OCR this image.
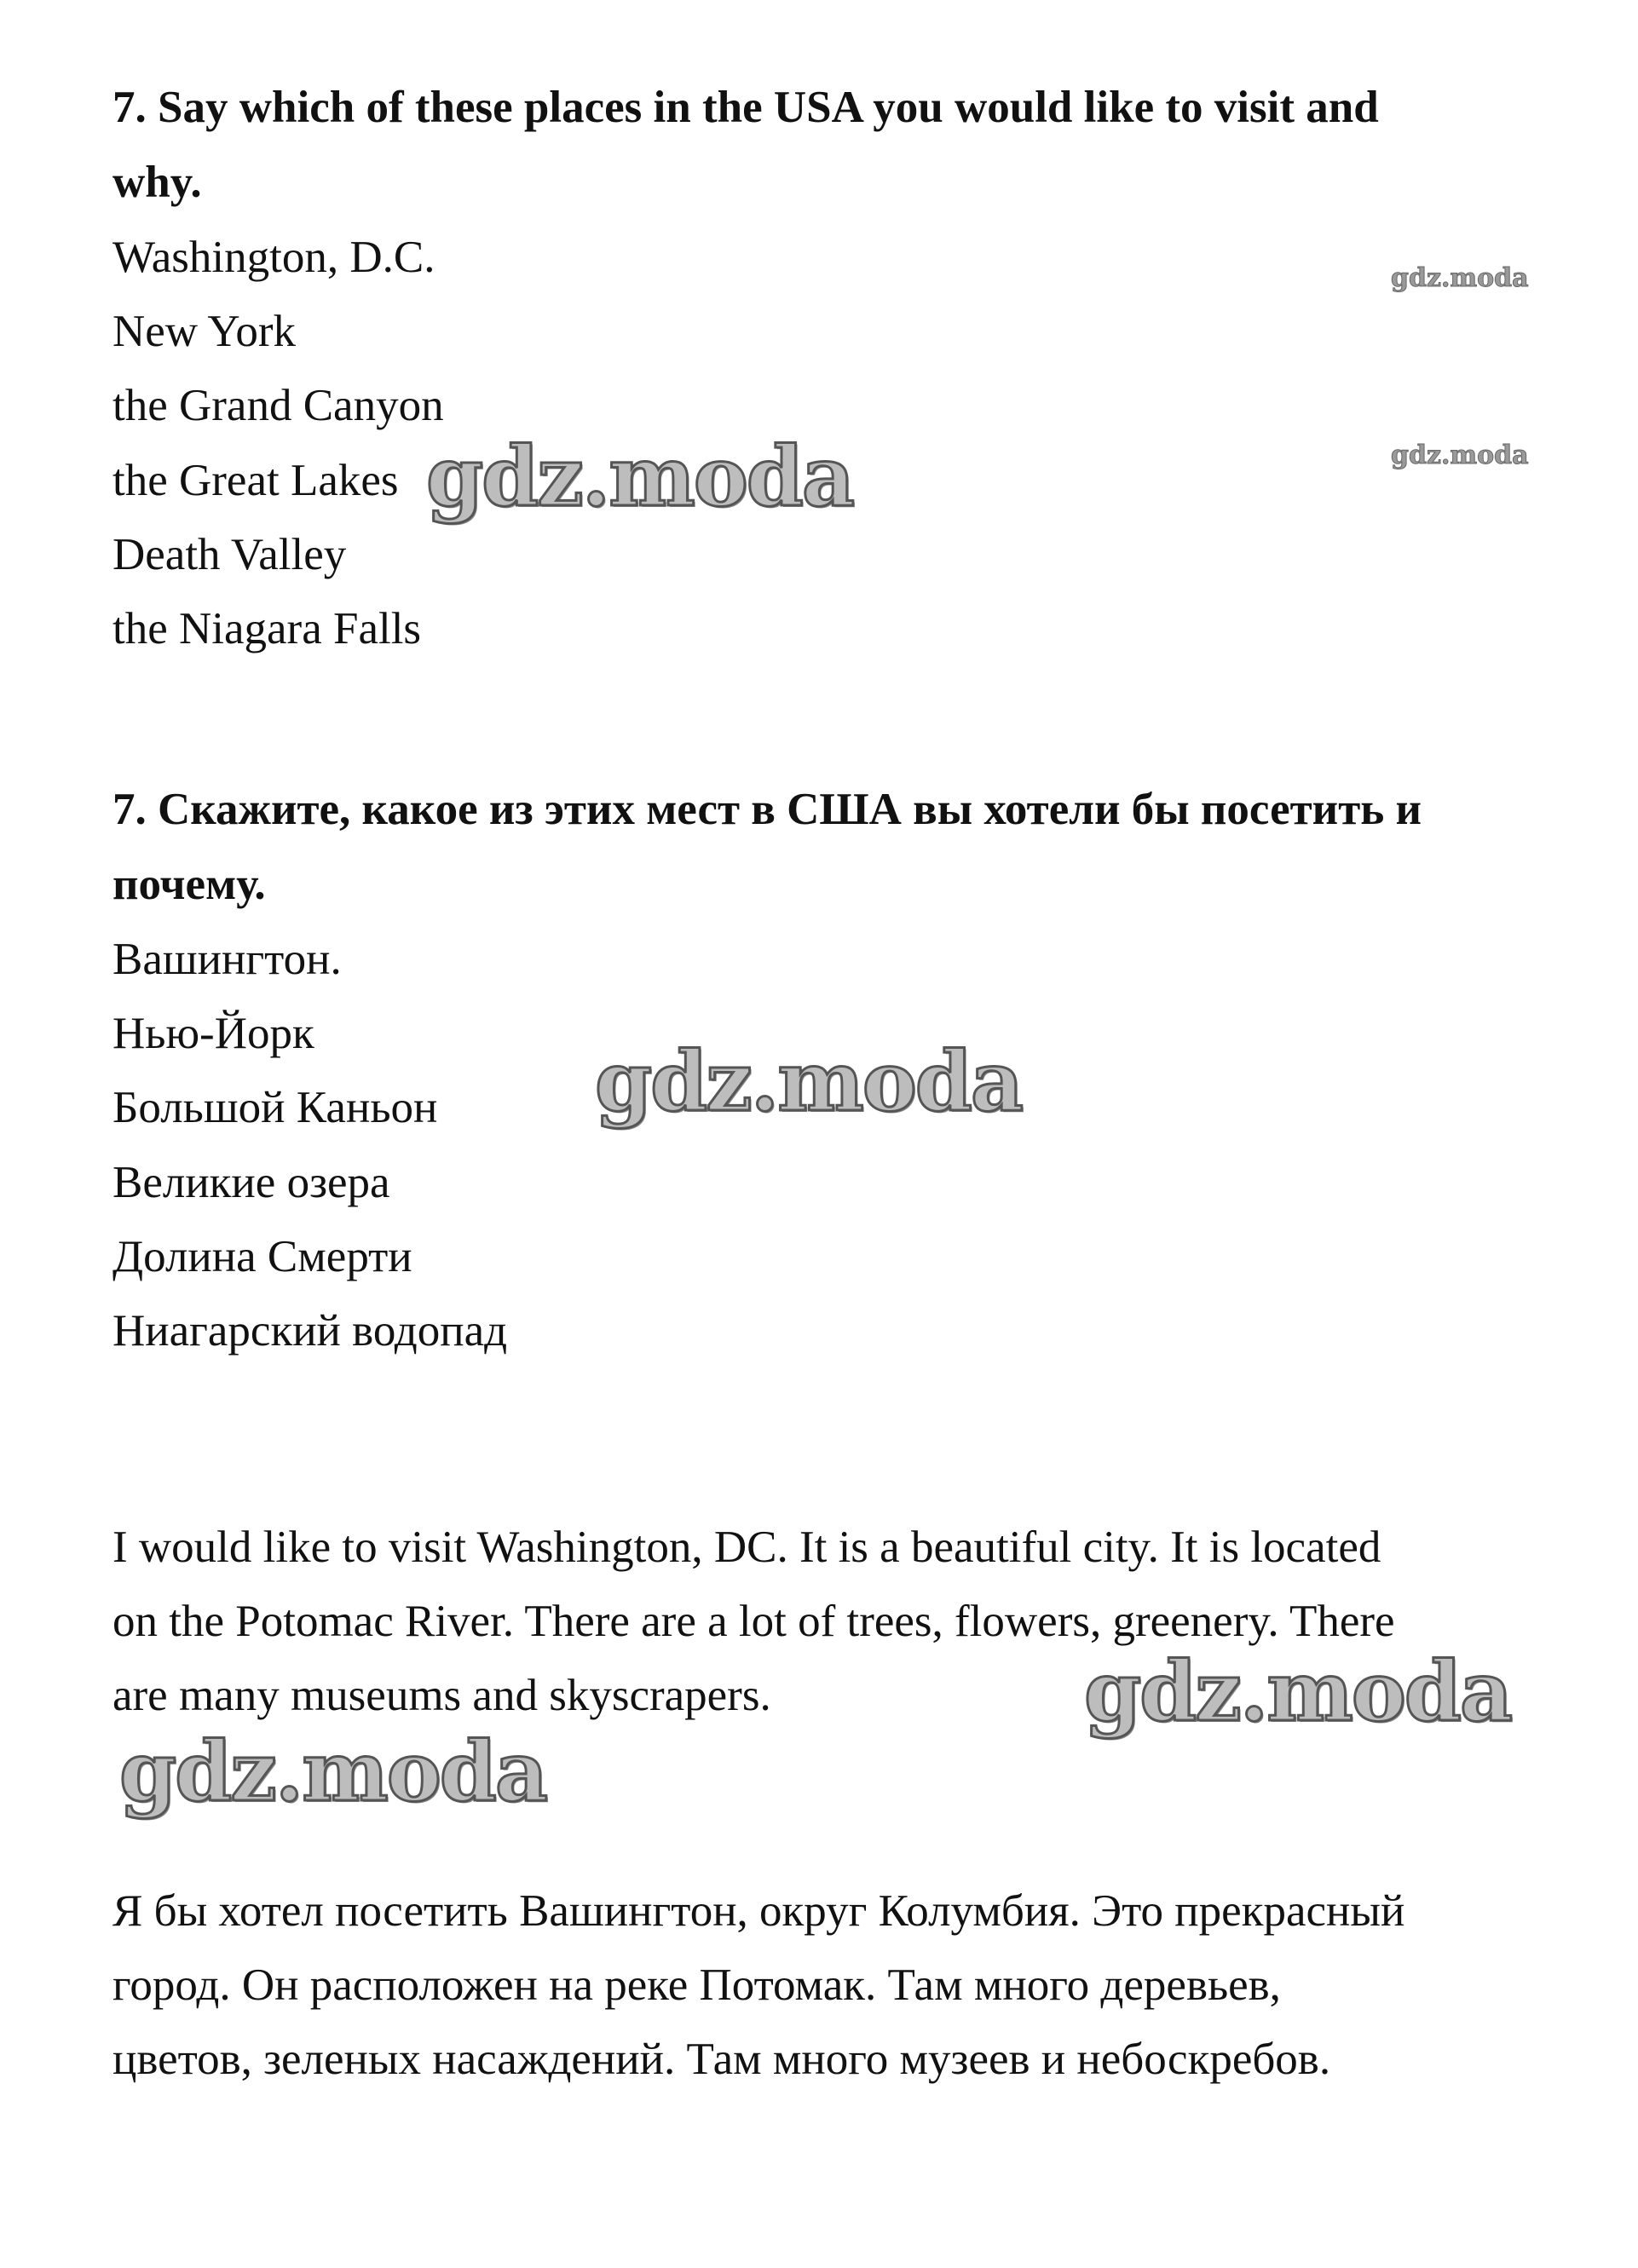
7. Say which of these places in the USA you would like to visit and

why.

Washington, D.C.

New York

the Grand Canyon

the Great Lakes

Death Valley

the Niagara Falls

7. Скажите, какое из этих мест в США вы хотели бы посетить и

почему.

Вашингтон.

Нью-Йорк

Большой Каньон

Великие озера

Долина Смерти

Ниагарский водопад

I would like to visit Washington, DC. It is a beautiful city. It is located

on the Potomac River. There are a lot of trees, flowers, greenery. There

are many museums and skyscrapers.

Я бы хотел посетить Вашингтон, округ Колумбия. Это прекрасный

город. Он расположен на реке Потомак. Там много деревьев,

цветов, зеленых насаждений. Там много музеев и небоскребов.

gdz.moda
gdz.moda
gdz.moda
gdz.moda
gdz.moda
gdz.moda
